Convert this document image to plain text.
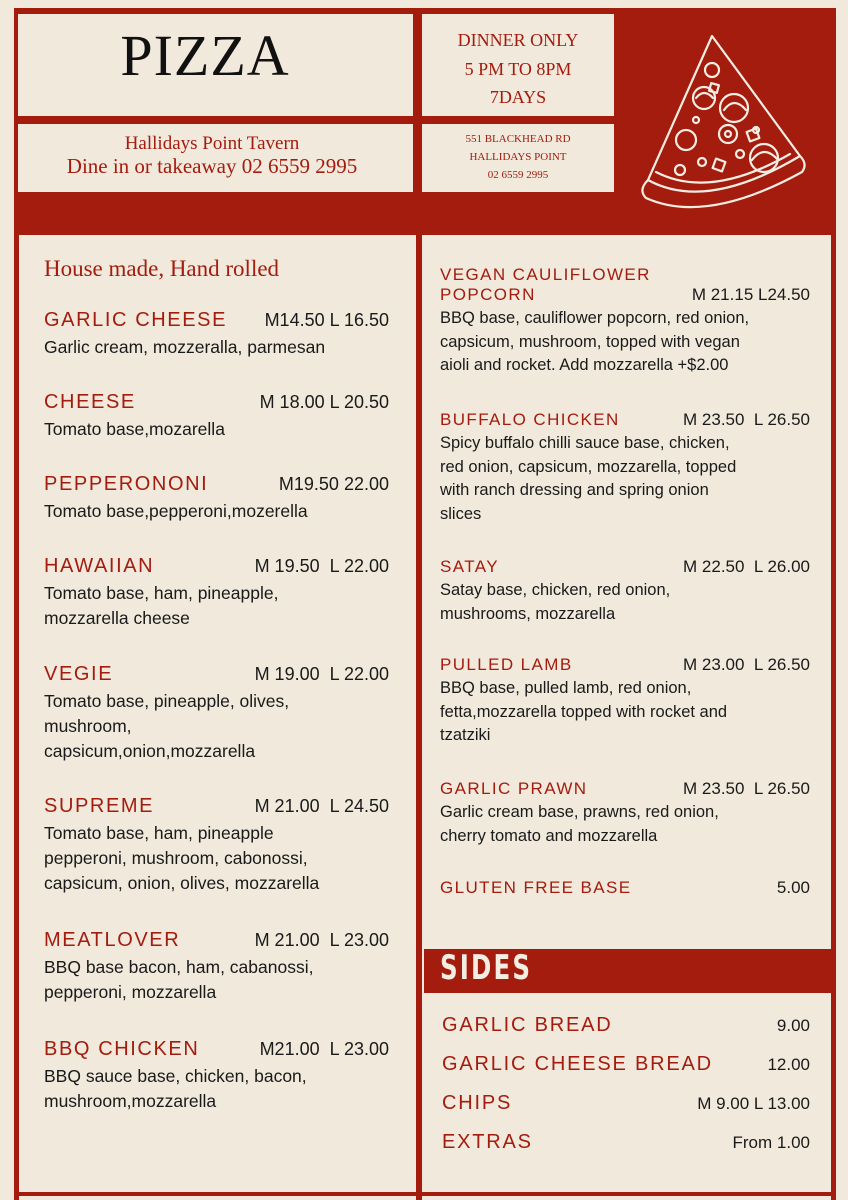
PIZZA
Hallidays Point Tavern
Dine in or takeaway 02 6559 2995
DINNER ONLY
5 PM TO 8PM
7DAYS
551 BLACKHEAD RD
HALLIDAYS POINT
02 6559 2995
House made, Hand rolled
GARLIC CHEESE M14.50 L 16.50
Garlic cream, mozzeralla, parmesan
CHEESE	M 18.00 L 20.50
Tomato base,mozarella
PEPPERONONI	M19.50 22.00
Tomato base,pepperoni,mozerella
HAWAIIAN	M 19.50  L 22.00
Tomato base, ham, pineapple,
mozzarella cheese
VEGIE	M 19.00  L 22.00
Tomato base, pineapple, olives,
mushroom,
capsicum,onion,mozzarella
SUPREME	M 21.00  L 24.50
Tomato base, ham, pineapple
pepperoni, mushroom, cabonossi,
capsicum, onion, olives, mozzarella
MEATLOVER	M 21.00  L 23.00
BBQ base bacon, ham, cabanossi,
pepperoni, mozzarella
BBQ CHICKEN	M21.00  L 23.00
BBQ sauce base, chicken, bacon,
mushroom,mozzarella
BUFFALO CHICKEN	M 23.50  L 26.50
Spicy buffalo chilli sauce base, chicken,
red onion, capsicum, mozzarella, topped
with ranch dressing and spring onion
slices
SATAY	M 22.50  L 26.00
Satay base, chicken, red onion,
mushrooms, mozzarella
PULLED LAMB	M 23.00  L 26.50
BBQ base, pulled lamb, red onion,
fetta,mozzarella topped with rocket and
tzatziki
GARLIC PRAWN	M 23.50  L 26.50
Garlic cream base, prawns, red onion,
cherry tomato and mozzarella
GLUTEN FREE BASE	5.00
VEGAN CAULIFLOWER
POPCORN	M 21.15 L24.50
BBQ base, cauliflower popcorn, red onion,
capsicum, mushroom, topped with vegan
aioli and rocket. Add mozzarella +$2.00
SIDES
GARLIC BREAD	9.00
GARLIC CHEESE BREAD	12.00
CHIPS	M 9.00 L 13.00
EXTRAS	From 1.00
